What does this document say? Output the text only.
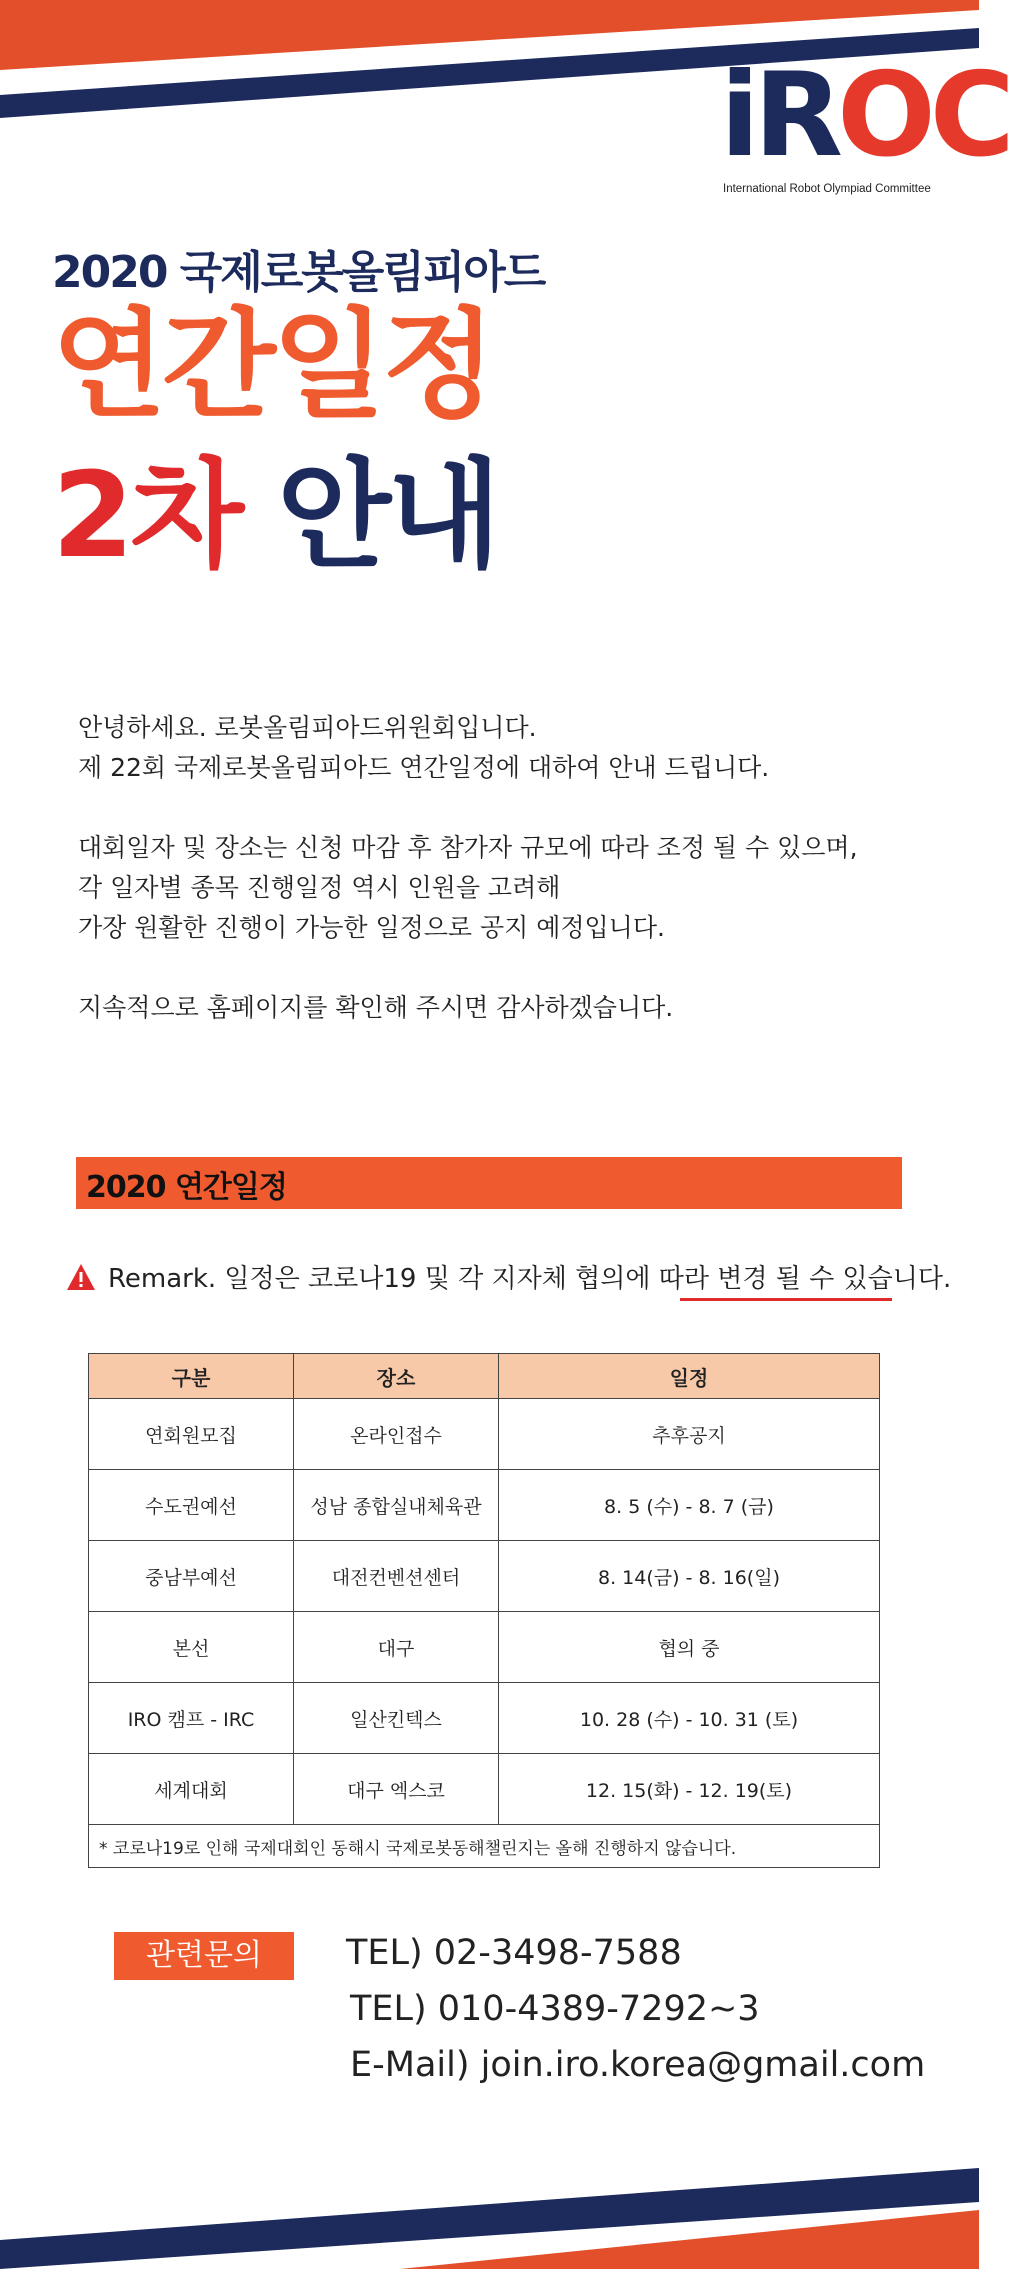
iROC
International Robot Olympiad Committee
2020 국제로봇올림피아드
연간일정
2차 안내

안녕하세요. 로봇올림피아드위원회입니다.

제 22회 국제로봇올림피아드 연간일정에 대하여 안내 드립니다.

대회일자 및 장소는 신청 마감 후 참가자 규모에 따라 조정 될 수 있으며,

각 일자별 종목 진행일정 역시 인원을 고려해

가장 원활한 진행이 가능한 일정으로 공지 예정입니다.

지속적으로 홈페이지를 확인해 주시면 감사하겠습니다.

2020 연간일정
Remark. 일정은 코로나19 및 각 지자체 협의에 따라 변경 될 수 있습니다.
구분	장소	일정
연회원모집	온라인접수	추후공지
수도권예선	성남 종합실내체육관	8. 5 (수) - 8. 7 (금)
중남부예선	대전컨벤션센터	8. 14(금) - 8. 16(일)
본선	대구	협의 중
IRO 캠프 - IRC	일산킨텍스	10. 28 (수) - 10. 31 (토)
세계대회	대구 엑스코	12. 15(화) - 12. 19(토)
* 코로나19로 인해 국제대회인 동해시 국제로봇동해챌린지는 올해 진행하지 않습니다.		
관련문의	TEL) 02-3498-7588
TEL) 010-4389-7292~3
E-Mail) join.iro.korea@gmail.com
